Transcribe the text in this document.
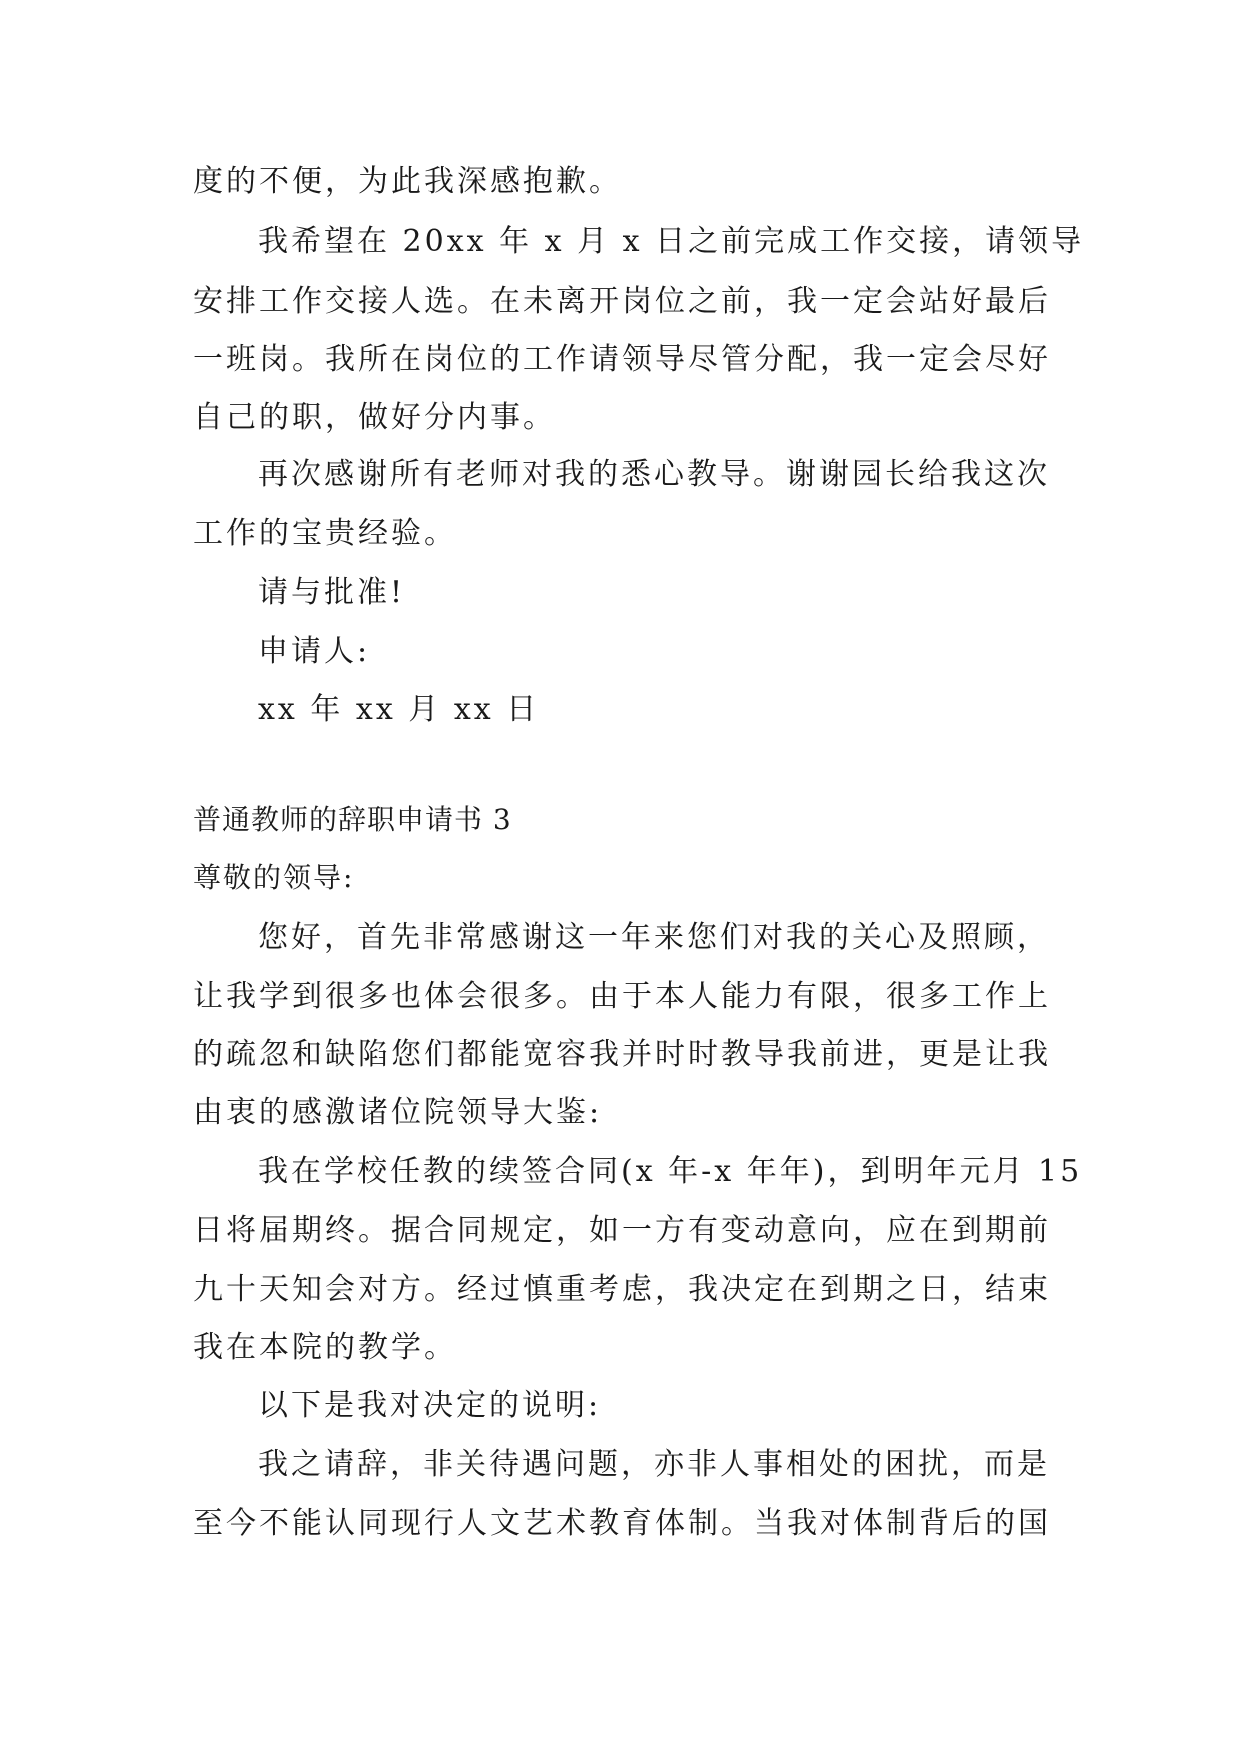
度的不便，为此我深感抱歉。
我希望在 20xx 年 x 月 x 日之前完成工作交接，请领导
安排工作交接人选。在未离开岗位之前，我一定会站好最后
一班岗。我所在岗位的工作请领导尽管分配，我一定会尽好
自己的职，做好分内事。
再次感谢所有老师对我的悉心教导。谢谢园长给我这次
工作的宝贵经验。
请与批准!
申请人:
xx 年 xx 月 xx 日
普通教师的辞职申请书 3
尊敬的领导:
您好，首先非常感谢这一年来您们对我的关心及照顾，
让我学到很多也体会很多。由于本人能力有限，很多工作上
的疏忽和缺陷您们都能宽容我并时时教导我前进，更是让我
由衷的感激诸位院领导大鉴:
我在学校任教的续签合同(x 年-x 年年)，到明年元月 15
日将届期终。据合同规定，如一方有变动意向，应在到期前
九十天知会对方。经过慎重考虑，我决定在到期之日，结束
我在本院的教学。
以下是我对决定的说明:
我之请辞，非关待遇问题，亦非人事相处的困扰，而是
至今不能认同现行人文艺术教育体制。当我对体制背后的国
